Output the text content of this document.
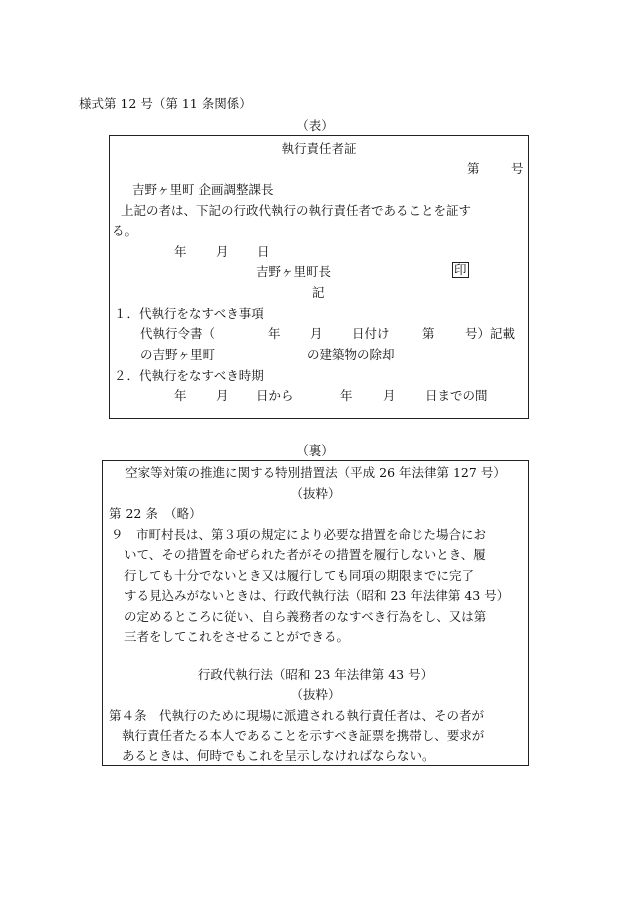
様式第 12 号（第 11 条関係）
（表）
執行責任者証
第	号
吉野ヶ里町 企画調整課長
上記の者は、下記の行政代執行の執行責任者であることを証す
る。
年 月 日
吉野ヶ里町長	印
記
１．代執行をなすべき事項
代執行令書（	年 月 日付け	第 号）記載
の吉野ヶ里町	の建築物の除却
２．代執行をなすべき時期
年 月 日から	年 月 日までの間
（裏）
空家等対策の推進に関する特別措置法（平成 26 年法律第 127 号）
（抜粋）
第 22 条　（略）
９　市町村長は、第３項の規定により必要な措置を命じた場合にお
いて、その措置を命ぜられた者がその措置を履行しないとき、履
行しても十分でないとき又は履行しても同項の期限までに完了
する見込みがないときは、行政代執行法（昭和 23 年法律第 43 号）
の定めるところに従い、自ら義務者のなすべき行為をし、又は第
三者をしてこれをさせることができる。
行政代執行法（昭和 23 年法律第 43 号）
（抜粋）
第４条　代執行のために現場に派遣される執行責任者は、その者が
執行責任者たる本人であることを示すべき証票を携帯し、要求が
あるときは、何時でもこれを呈示しなければならない。
